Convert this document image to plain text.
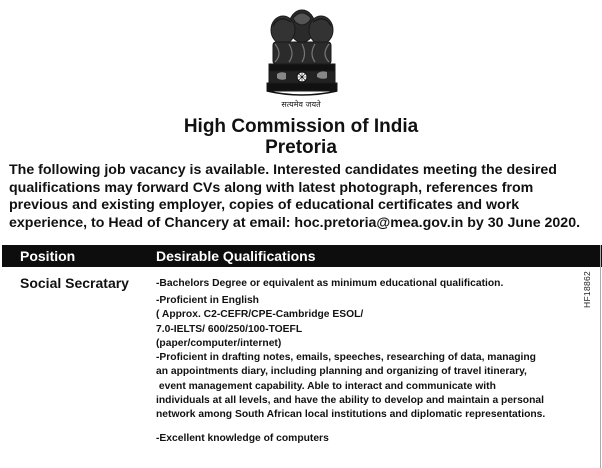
सत्यमेव जयते
High Commission of India
Pretoria
The following job vacancy is available. Interested candidates meeting the desired
qualifications may forward CVs along with latest photograph, references from
previous and existing employer, copies of educational certificates and work
experience, to Head of Chancery at email: hoc.pretoria@mea.gov.in by 30 June 2020.
Position	Desirable Qualifications
Social Secratary	-Bachelors Degree or equivalent as minimum educational qualification.
-Proficient in English
( Approx. C2-CEFR/CPE-Cambridge ESOL/
7.0-IELTS/ 600/250/100-TOEFL
(paper/computer/internet)
-Proficient in drafting notes, emails, speeches, researching of data, managing
an appointments diary, including planning and organizing of travel itinerary,
event management capability. Able to interact and communicate with
individuals at all levels, and have the ability to develop and maintain a personal
network among South African local institutions and diplomatic representations.
-Excellent knowledge of computers
HF18862
